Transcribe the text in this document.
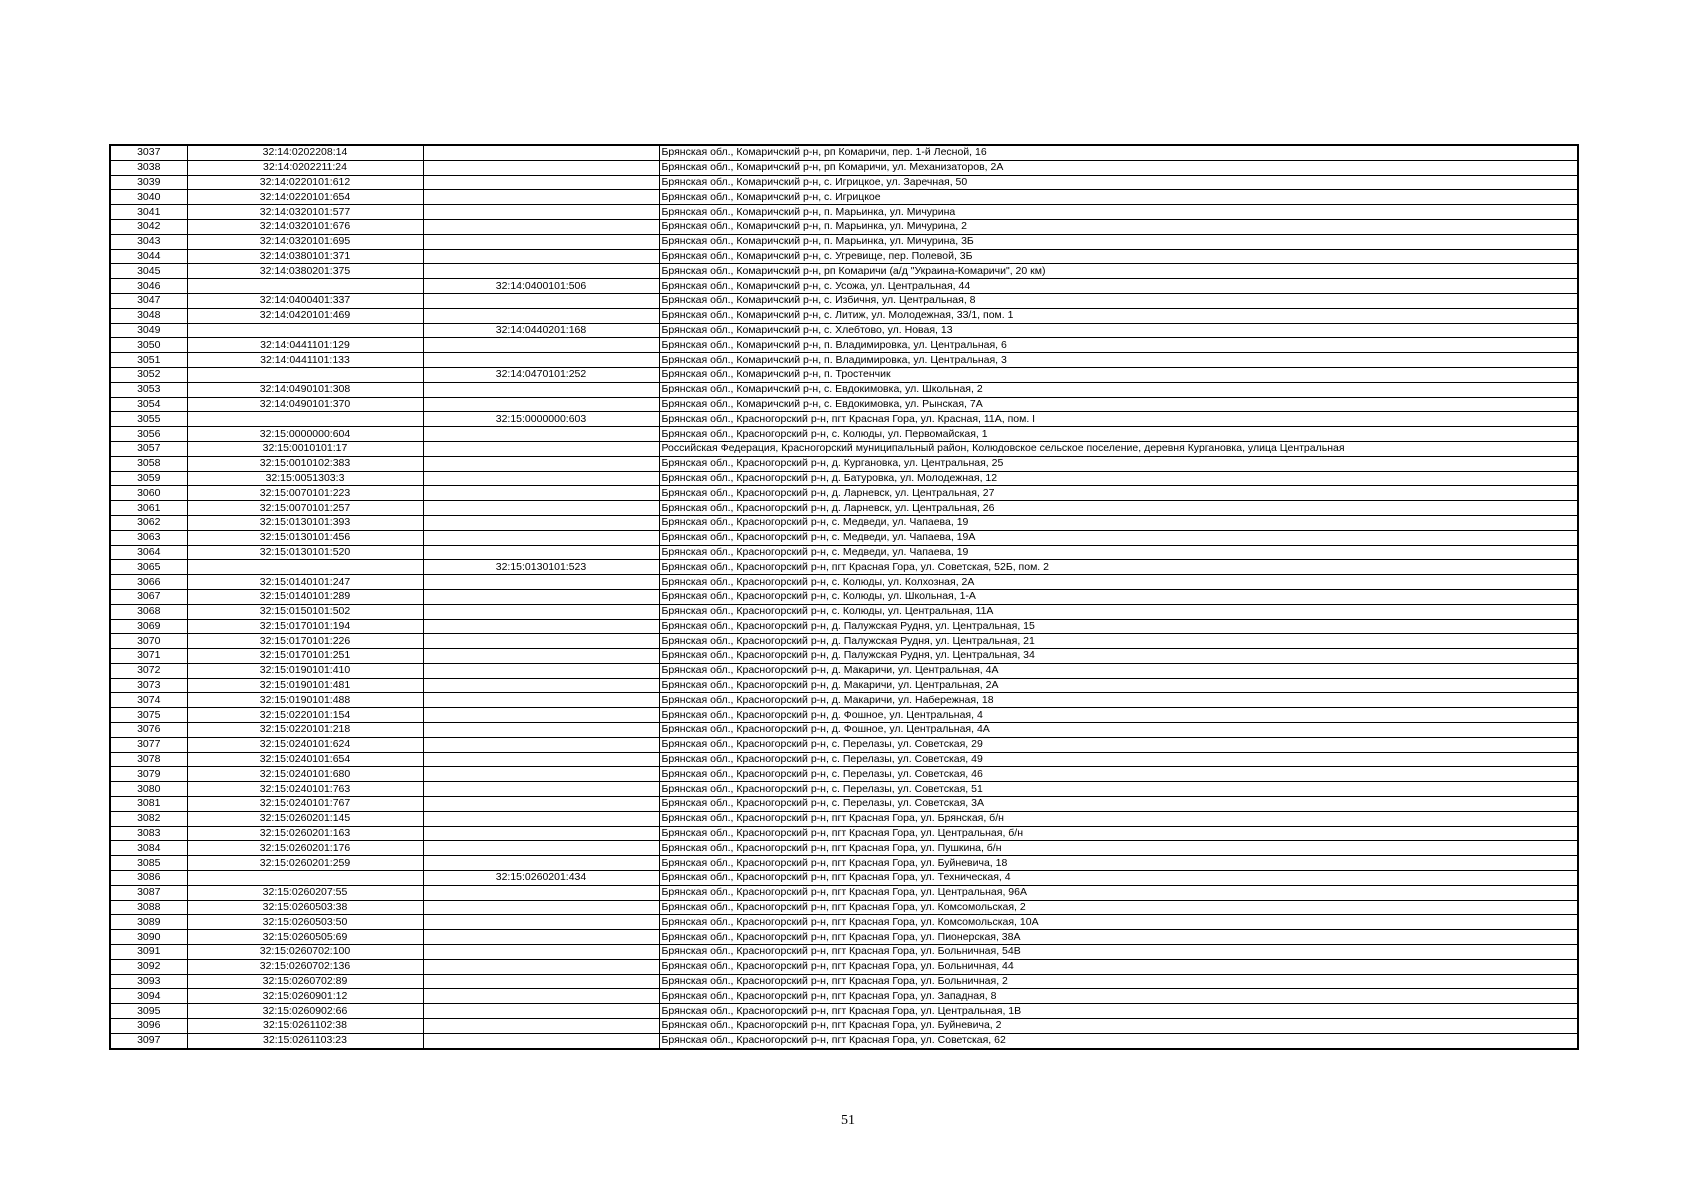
3037	32:14:0202208:14		Брянская обл., Комаричский р-н, рп Комаричи, пер. 1-й Лесной, 16
3038	32:14:0202211:24		Брянская обл., Комаричский р-н, рп Комаричи, ул. Механизаторов, 2А
3039	32:14:0220101:612		Брянская обл., Комаричский р-н, с. Игрицкое, ул. Заречная, 50
3040	32:14:0220101:654		Брянская обл., Комаричский р-н, с. Игрицкое
3041	32:14:0320101:577		Брянская обл., Комаричский р-н, п. Марьинка, ул. Мичурина
3042	32:14:0320101:676		Брянская обл., Комаричский р-н, п. Марьинка, ул. Мичурина, 2
3043	32:14:0320101:695		Брянская обл., Комаричский р-н, п. Марьинка, ул. Мичурина, 3Б
3044	32:14:0380101:371		Брянская обл., Комаричский р-н, с. Угревище, пер. Полевой, 3Б
3045	32:14:0380201:375		Брянская обл., Комаричский р-н, рп Комаричи (а/д "Украина-Комаричи", 20 км)
3046		32:14:0400101:506	Брянская обл., Комаричский р-н, с. Усожа, ул. Центральная, 44
3047	32:14:0400401:337		Брянская обл., Комаричский р-н, с. Избичня, ул. Центральная, 8
3048	32:14:0420101:469		Брянская обл., Комаричский р-н, с. Литиж, ул. Молодежная, 33/1, пом. 1
3049		32:14:0440201:168	Брянская обл., Комаричский р-н, с. Хлебтово, ул. Новая, 13
3050	32:14:0441101:129		Брянская обл., Комаричский р-н, п. Владимировка, ул. Центральная, 6
3051	32:14:0441101:133		Брянская обл., Комаричский р-н, п. Владимировка, ул. Центральная, 3
3052		32:14:0470101:252	Брянская обл., Комаричский р-н, п. Тростенчик
3053	32:14:0490101:308		Брянская обл., Комаричский р-н, с. Евдокимовка, ул. Школьная, 2
3054	32:14:0490101:370		Брянская обл., Комаричский р-н, с. Евдокимовка, ул. Рынская, 7А
3055		32:15:0000000:603	Брянская обл., Красногорский р-н, пгт Красная Гора, ул. Красная, 11А, пом. I
3056	32:15:0000000:604		Брянская обл., Красногорский р-н, с. Колюды, ул. Первомайская, 1
3057	32:15:0010101:17		Российская Федерация, Красногорский муниципальный район, Колюдовское сельское поселение, деревня Кургановка, улица Центральная
3058	32:15:0010102:383		Брянская обл., Красногорский р-н, д. Кургановка, ул. Центральная, 25
3059	32:15:0051303:3		Брянская обл., Красногорский р-н, д. Батуровка, ул. Молодежная, 12
3060	32:15:0070101:223		Брянская обл., Красногорский р-н, д. Ларневск, ул. Центральная, 27
3061	32:15:0070101:257		Брянская обл., Красногорский р-н, д. Ларневск, ул. Центральная, 26
3062	32:15:0130101:393		Брянская обл., Красногорский р-н, с. Медведи, ул. Чапаева, 19
3063	32:15:0130101:456		Брянская обл., Красногорский р-н, с. Медведи, ул. Чапаева, 19А
3064	32:15:0130101:520		Брянская обл., Красногорский р-н, с. Медведи, ул. Чапаева, 19
3065		32:15:0130101:523	Брянская обл., Красногорский р-н, пгт Красная Гора, ул. Советская, 52Б, пом. 2
3066	32:15:0140101:247		Брянская обл., Красногорский р-н, с. Колюды, ул. Колхозная, 2А
3067	32:15:0140101:289		Брянская обл., Красногорский р-н, с. Колюды, ул. Школьная, 1-А
3068	32:15:0150101:502		Брянская обл., Красногорский р-н, с. Колюды, ул. Центральная, 11А
3069	32:15:0170101:194		Брянская обл., Красногорский р-н, д. Палужская Рудня, ул. Центральная, 15
3070	32:15:0170101:226		Брянская обл., Красногорский р-н, д. Палужская Рудня, ул. Центральная, 21
3071	32:15:0170101:251		Брянская обл., Красногорский р-н, д. Палужская Рудня, ул. Центральная, 34
3072	32:15:0190101:410		Брянская обл., Красногорский р-н, д. Макаричи, ул. Центральная, 4А
3073	32:15:0190101:481		Брянская обл., Красногорский р-н, д. Макаричи, ул. Центральная, 2А
3074	32:15:0190101:488		Брянская обл., Красногорский р-н, д. Макаричи, ул. Набережная, 18
3075	32:15:0220101:154		Брянская обл., Красногорский р-н, д. Фошное, ул. Центральная, 4
3076	32:15:0220101:218		Брянская обл., Красногорский р-н, д. Фошное, ул. Центральная, 4А
3077	32:15:0240101:624		Брянская обл., Красногорский р-н, с. Перелазы, ул. Советская, 29
3078	32:15:0240101:654		Брянская обл., Красногорский р-н, с. Перелазы, ул. Советская, 49
3079	32:15:0240101:680		Брянская обл., Красногорский р-н, с. Перелазы, ул. Советская, 46
3080	32:15:0240101:763		Брянская обл., Красногорский р-н, с. Перелазы, ул. Советская, 51
3081	32:15:0240101:767		Брянская обл., Красногорский р-н, с. Перелазы, ул. Советская, 3А
3082	32:15:0260201:145		Брянская обл., Красногорский р-н, пгт Красная Гора, ул. Брянская, б/н
3083	32:15:0260201:163		Брянская обл., Красногорский р-н, пгт Красная Гора, ул. Центральная, б/н
3084	32:15:0260201:176		Брянская обл., Красногорский р-н, пгт Красная Гора, ул. Пушкина, б/н
3085	32:15:0260201:259		Брянская обл., Красногорский р-н, пгт Красная Гора, ул. Буйневича, 18
3086		32:15:0260201:434	Брянская обл., Красногорский р-н, пгт Красная Гора, ул. Техническая, 4
3087	32:15:0260207:55		Брянская обл., Красногорский р-н, пгт Красная Гора, ул. Центральная, 96А
3088	32:15:0260503:38		Брянская обл., Красногорский р-н, пгт Красная Гора, ул. Комсомольская, 2
3089	32:15:0260503:50		Брянская обл., Красногорский р-н, пгт Красная Гора, ул. Комсомольская, 10А
3090	32:15:0260505:69		Брянская обл., Красногорский р-н, пгт Красная Гора, ул. Пионерская, 38А
3091	32:15:0260702:100		Брянская обл., Красногорский р-н, пгт Красная Гора, ул. Больничная, 54В
3092	32:15:0260702:136		Брянская обл., Красногорский р-н, пгт Красная Гора, ул. Больничная, 44
3093	32:15:0260702:89		Брянская обл., Красногорский р-н, пгт Красная Гора, ул. Больничная, 2
3094	32:15:0260901:12		Брянская обл., Красногорский р-н, пгт Красная Гора, ул. Западная, 8
3095	32:15:0260902:66		Брянская обл., Красногорский р-н, пгт Красная Гора, ул. Центральная, 1В
3096	32:15:0261102:38		Брянская обл., Красногорский р-н, пгт Красная Гора, ул. Буйневича, 2
3097	32:15:0261103:23		Брянская обл., Красногорский р-н, пгт Красная Гора, ул. Советская, 62
51
